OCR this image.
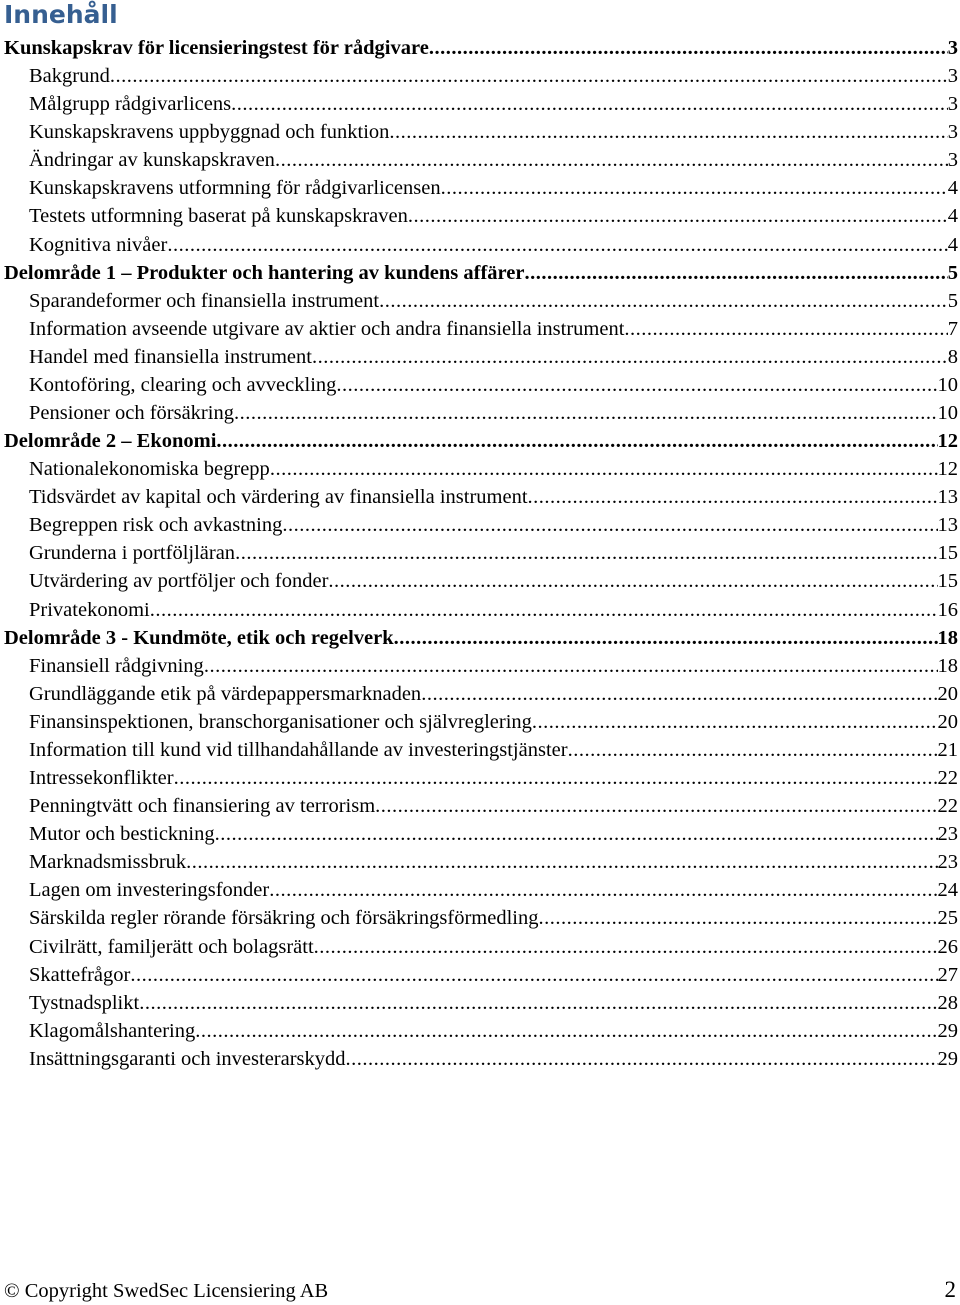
Innehåll
Kunskapskrav för licensieringstest för rådgivare .....	3
Bakgrund .....	3
Målgrupp rådgivarlicens .....	3
Kunskapskravens uppbyggnad och funktion .....	3
Ändringar av kunskapskraven .....	3
Kunskapskravens utformning för rådgivarlicensen .....	4
Testets utformning baserat på kunskapskraven .....	4
Kognitiva nivåer .....	4
Delområde 1 – Produkter och hantering av kundens affärer .....	5
Sparandeformer och finansiella instrument .....	5
Information avseende utgivare av aktier och andra finansiella instrument .....	7
Handel med finansiella instrument .....	8
Kontoföring, clearing och avveckling .....	10
Pensioner och försäkring .....	10
Delområde 2 – Ekonomi .....	12
Nationalekonomiska begrepp .....	12
Tidsvärdet av kapital och värdering av finansiella instrument .....	13
Begreppen risk och avkastning .....	13
Grunderna i portföljläran .....	15
Utvärdering av portföljer och fonder .....	15
Privatekonomi .....	16
Delområde 3 - Kundmöte, etik och regelverk .....	18
Finansiell rådgivning .....	18
Grundläggande etik på värdepappersmarknaden .....	20
Finansinspektionen, branschorganisationer och självreglering .....	20
Information till kund vid tillhandahållande av investeringstjänster .....	21
Intressekonflikter .....	22
Penningtvätt och finansiering av terrorism .....	22
Mutor och bestickning .....	23
Marknadsmissbruk .....	23
Lagen om investeringsfonder .....	24
Särskilda regler rörande försäkring och försäkringsförmedling .....	25
Civilrätt, familjerätt och bolagsrätt .....	26
Skattefrågor .....	27
Tystnadsplikt .....	28
Klagomålshantering .....	29
Insättningsgaranti och investerarskydd .....	29
© Copyright SwedSec Licensiering AB	2
